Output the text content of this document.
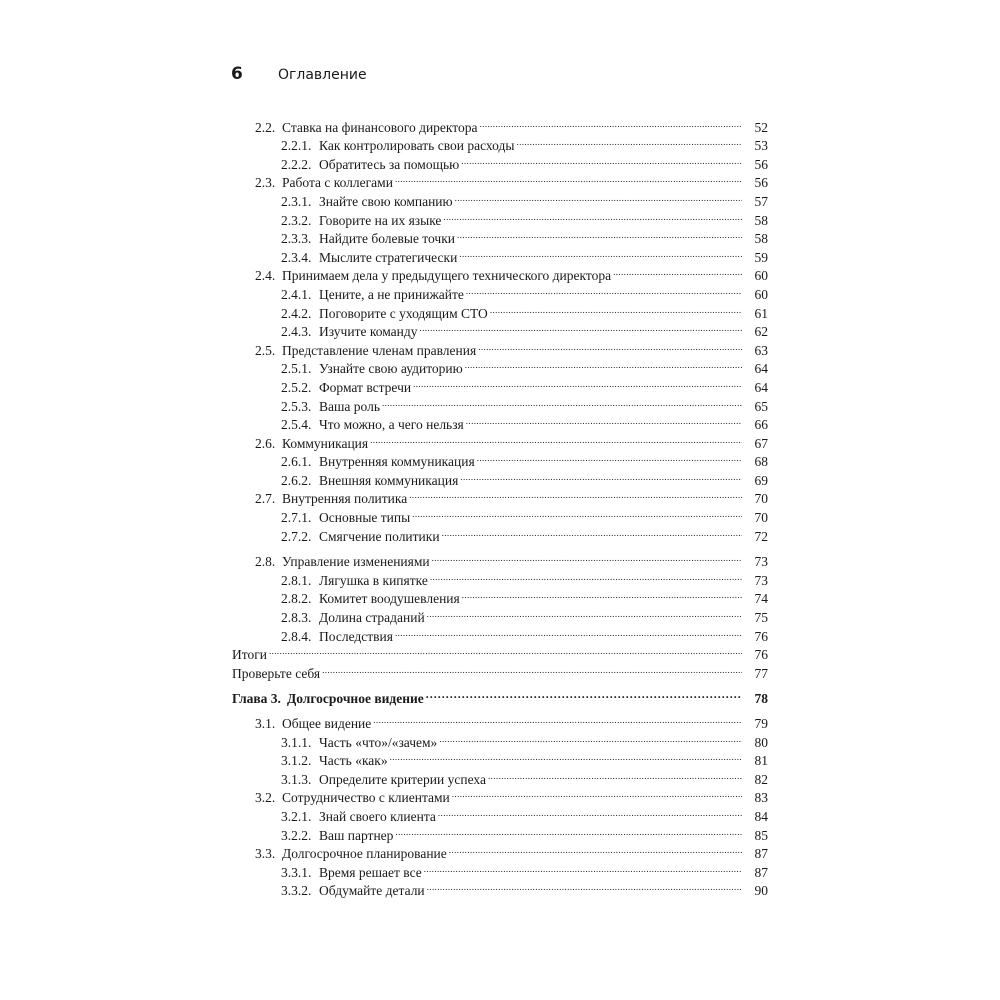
6	Оглавление
2.2. Ставка на финансового директора .....	52
2.2.1. Как контролировать свои расходы .....	53
2.2.2. Обратитесь за помощью .....	56
2.3. Работа с коллегами .....	56
2.3.1. Знайте свою компанию .....	57
2.3.2. Говорите на их языке .....	58
2.3.3. Найдите болевые точки .....	58
2.3.4. Мыслите стратегически .....	59
2.4. Принимаем дела у предыдущего технического директора .....	60
2.4.1. Цените, а не принижайте .....	60
2.4.2. Поговорите с уходящим CTO .....	61
2.4.3. Изучите команду .....	62
2.5. Представление членам правления .....	63
2.5.1. Узнайте свою аудиторию .....	64
2.5.2. Формат встречи .....	64
2.5.3. Ваша роль .....	65
2.5.4. Что можно, а чего нельзя .....	66
2.6. Коммуникация .....	67
2.6.1. Внутренняя коммуникация .....	68
2.6.2. Внешняя коммуникация .....	69
2.7. Внутренняя политика .....	70
2.7.1. Основные типы .....	70
2.7.2. Смягчение политики .....	72
2.8. Управление изменениями .....	73
2.8.1. Лягушка в кипятке .....	73
2.8.2. Комитет воодушевления .....	74
2.8.3. Долина страданий .....	75
2.8.4. Последствия .....	76
Итоги .....	76
Проверьте себя .....	77
Глава 3. Долгосрочное видение .....	78
3.1. Общее видение .....	79
3.1.1. Часть «что»/«зачем» .....	80
3.1.2. Часть «как» .....	81
3.1.3. Определите критерии успеха .....	82
3.2. Сотрудничество с клиентами .....	83
3.2.1. Знай своего клиента .....	84
3.2.2. Ваш партнер .....	85
3.3. Долгосрочное планирование .....	87
3.3.1. Время решает все .....	87
3.3.2. Обдумайте детали .....	90
